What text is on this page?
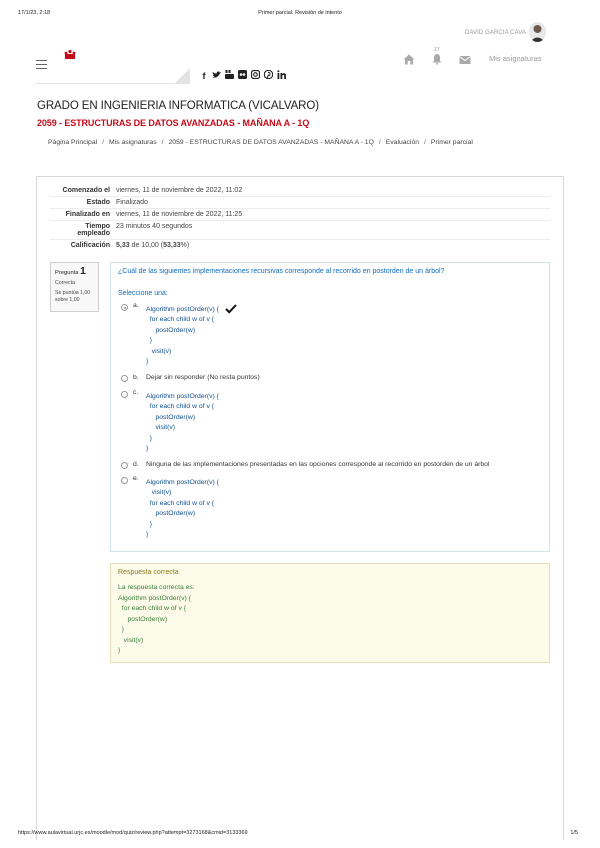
17/1/23, 2:18	Primer parcial: Revisión de intento
DAVID GARCIA CAVA
f
17
Mis asignaturas
GRADO EN INGENIERIA INFORMATICA (VICALVARO)
2059 - ESTRUCTURAS DE DATOS AVANZADAS - MAÑANA A - 1Q
Página Principal / Mis asignaturas / 2059 - ESTRUCTURAS DE DATOS AVANZADAS - MAÑANA A - 1Q / Evaluación / Primer parcial
Comenzado el viernes, 11 de noviembre de 2022, 11:02
Estado Finalizado
Finalizado en viernes, 11 de noviembre de 2022, 11:25
Tiempo
empleado
23 minutos 40 segundos
Calificación 5,33 de 10,00 (53,33%)
Pregunta 1
Correcta
Se puntúa 1,00
sobre 1,00
¿Cuál de las siguientes implementaciones recursivas corresponde al recorrido en postorden de un árbol?
Seleccione una:
a.
Algorithm postOrder(v) {
for each child w of v {
postOrder(w)
}
visit(v)
}
b. Dejar sin responder (No resta puntos)
c.
Algorithm postOrder(v) {
for each child w of v {
postOrder(w)
visit(v)
}
}
d. Ninguna de las implementaciones presentadas en las opciones corresponde al recorrido en postorden de un árbol
e.
Algorithm postOrder(v) {
visit(v)
for each child w of v {
postOrder(w)
}
}
Respuesta correcta
La respuesta correcta es:
Algorithm postOrder(v) {
for each child w of v {
postOrder(w)
}
visit(v)
}
https://www.aulavirtual.urjc.es/moodle/mod/quiz/review.php?attempt=3273168&cmid=3133369	1/5
